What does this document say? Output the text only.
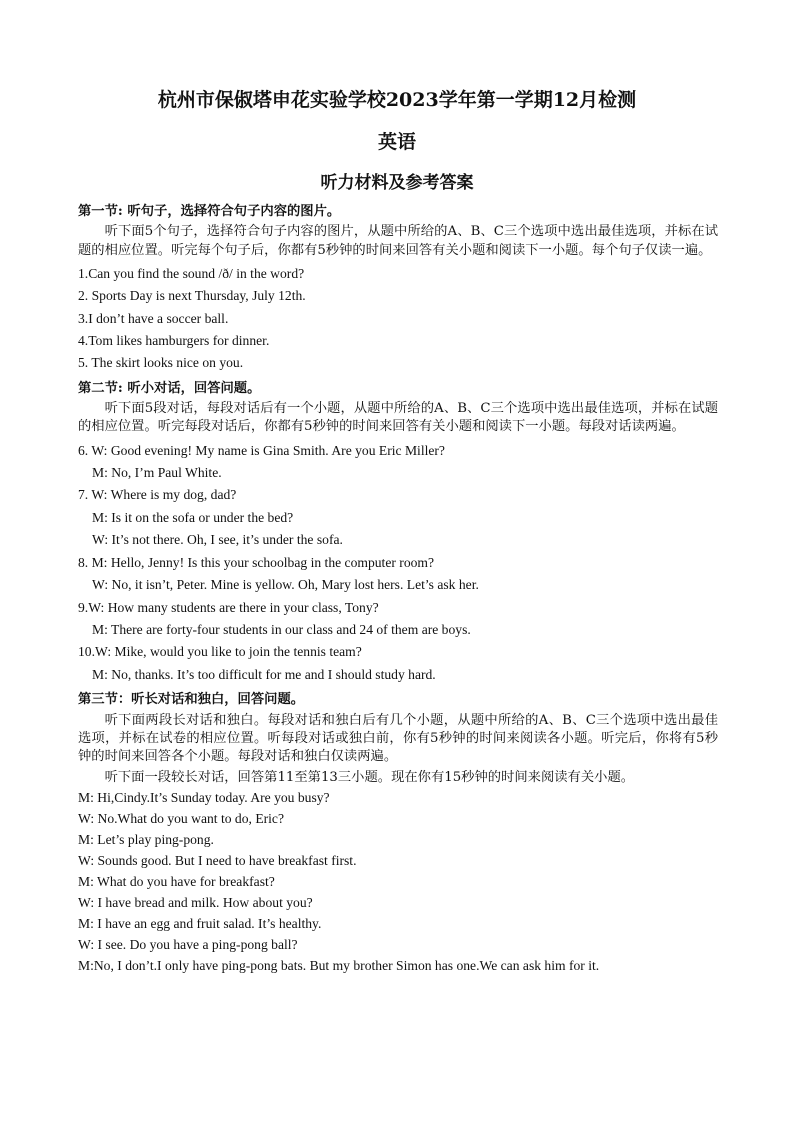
杭州市保俶塔申花实验学校2023学年第一学期12月检测
英语
听力材料及参考答案
第一节: 听句子，选择符合句子内容的图片。
听下面5个句子，选择符合句子内容的图片，从题中所给的A、B、C三个选项中选出最佳选项，并标在试题的相应位置。听完每个句子后，你都有5秒钟的时间来回答有关小题和阅读下一小题。每个句子仅读一遍。
1.Can you find the sound /ð/ in the word?
2. Sports Day is next Thursday, July 12th.
3.I don’t have a soccer ball.
4.Tom likes hamburgers for dinner.
5. The skirt looks nice on you.
第二节: 听小对话，回答问题。
听下面5段对话，每段对话后有一个小题，从题中所给的A、B、C三个选项中选出最佳选项，并标在试题的相应位置。听完每段对话后，你都有5秒钟的时间来回答有关小题和阅读下一小题。每段对话读两遍。
6. W: Good evening! My name is Gina Smith. Are you Eric Miller?
M: No, I’m Paul White.
7. W: Where is my dog, dad?
M: Is it on the sofa or under the bed?
W: It’s not there. Oh, I see, it’s under the sofa.
8. M: Hello, Jenny! Is this your schoolbag in the computer room?
W: No, it isn’t, Peter. Mine is yellow. Oh, Mary lost hers. Let’s ask her.
9.W: How many students are there in your class, Tony?
M: There are forty-four students in our class and 24 of them are boys.
10.W: Mike, would you like to join the tennis team?
M: No, thanks. It’s too difficult for me and I should study hard.
第三节：听长对话和独白，回答问题。
听下面两段长对话和独白。每段对话和独白后有几个小题，从题中所给的A、B、C三个选项中选出最佳选项，并标在试卷的相应位置。听每段对话或独白前，你有5秒钟的时间来阅读各小题。听完后，你将有5秒钟的时间来回答各个小题。每段对话和独白仅读两遍。
听下面一段较长对话，回答第11至第13三小题。现在你有15秒钟的时间来阅读有关小题。
M: Hi,Cindy.It’s Sunday today. Are you busy?
W: No.What do you want to do, Eric?
M: Let’s play ping-pong.
W: Sounds good. But I need to have breakfast first.
M: What do you have for breakfast?
W: I have bread and milk. How about you?
M: I have an egg and fruit salad. It’s healthy.
W: I see. Do you have a ping-pong ball?
M:No, I don’t.I only have ping-pong bats. But my brother Simon has one.We can ask him for it.
